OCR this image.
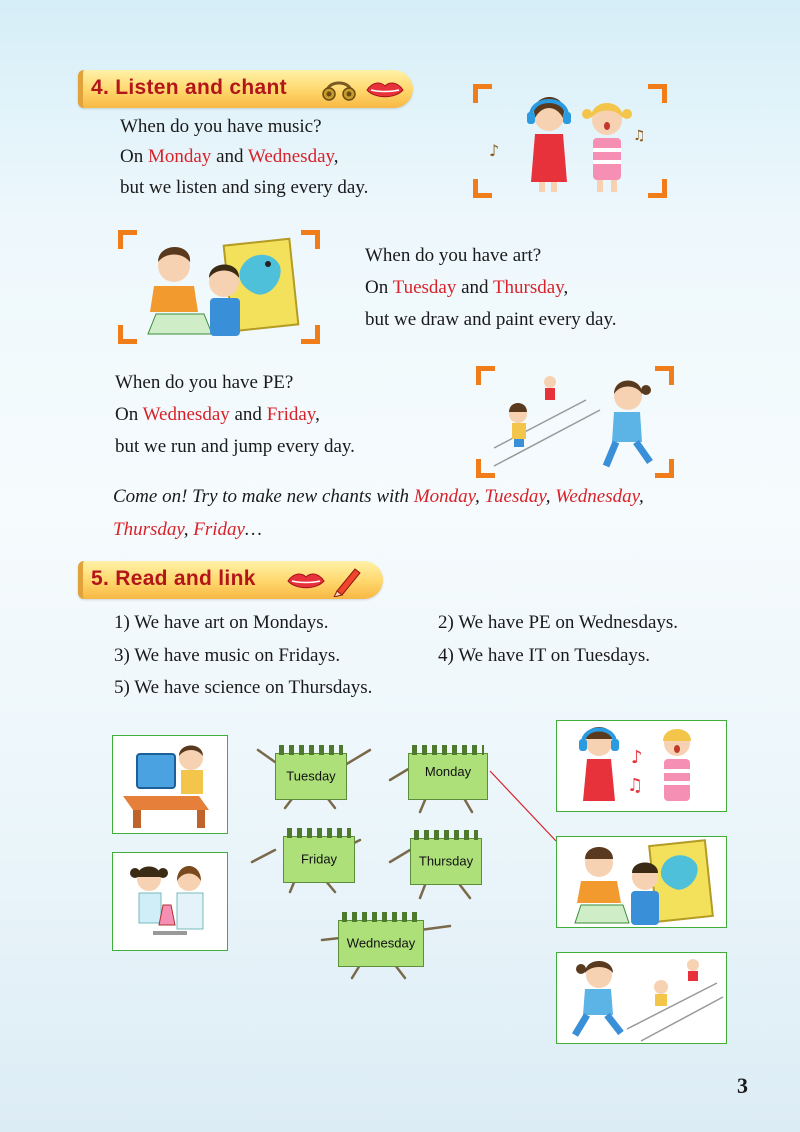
4. Listen and chant
When do you have music?
On Monday and Wednesday,
but we listen and sing every day.
♪
♫
When do you have art?
On Tuesday and Thursday,
but we draw and paint every day.
When do you have PE?
On Wednesday and Friday,
but we run and jump every day.
Come on! Try to make new chants with Monday, Tuesday, Wednesday,
Thursday, Friday…
5. Read and link
1) We have art on Mondays.	2) We have PE on Wednesdays.
3) We have music on Fridays.	4) We have IT on Tuesdays.
5) We have science on Thursdays.
Tuesday	Monday
Friday	Thursday
Wednesday
♪
♫
3
